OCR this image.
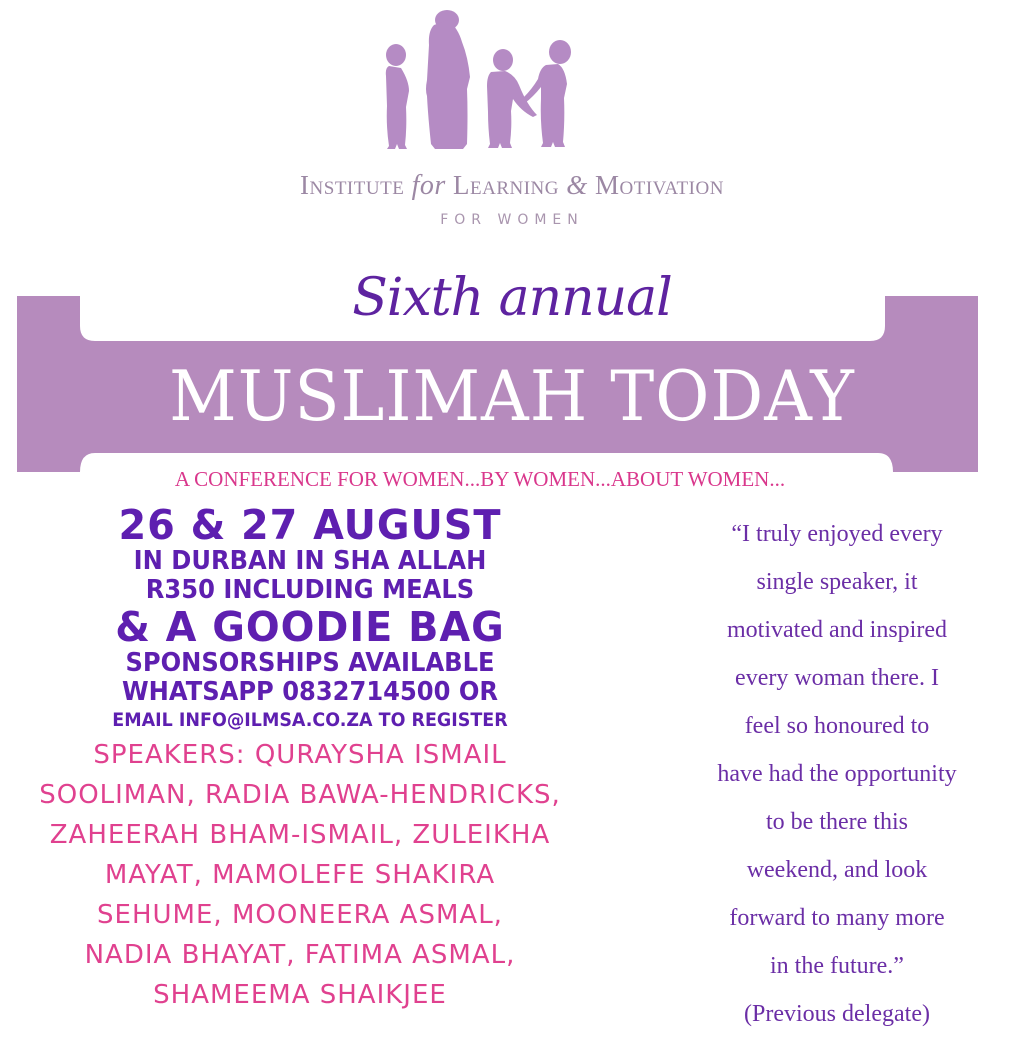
Institute for Learning & Motivation
FOR WOMEN
Sixth annual
MUSLIMAH TODAY
A CONFERENCE FOR WOMEN...BY WOMEN...ABOUT WOMEN...
26 & 27 AUGUST
IN DURBAN IN SHA ALLAH
R350 INCLUDING MEALS
& A GOODIE BAG
SPONSORSHIPS AVAILABLE
WHATSAPP 0832714500 OR
EMAIL INFO@ILMSA.CO.ZA TO REGISTER
SPEAKERS: QURAYSHA ISMAIL
SOOLIMAN, RADIA BAWA-HENDRICKS,
ZAHEERAH BHAM-ISMAIL, ZULEIKHA
MAYAT, MAMOLEFE SHAKIRA
SEHUME, MOONEERA ASMAL,
NADIA BHAYAT, FATIMA ASMAL,
SHAMEEMA SHAIKJEE
“I truly enjoyed every
single speaker, it
motivated and inspired
every woman there. I
feel so honoured to
have had the opportunity
to be there this
weekend, and look
forward to many more
in the future.”
(Previous delegate)
